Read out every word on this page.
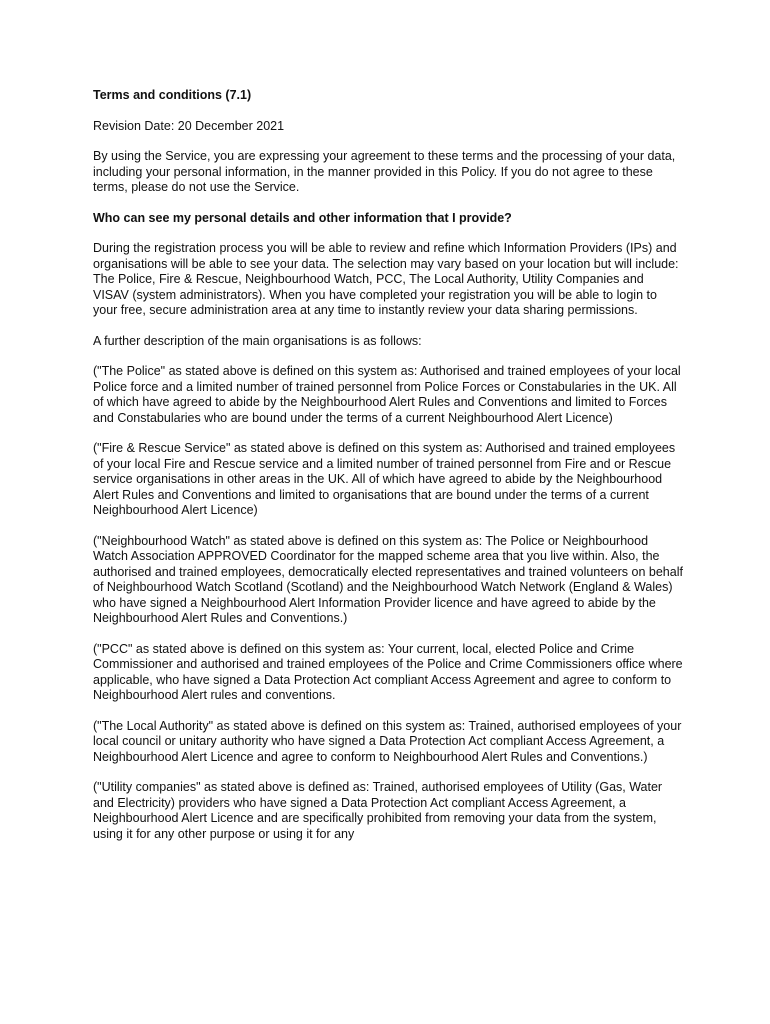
Terms and conditions (7.1)

Revision Date: 20 December 2021

By using the Service, you are expressing your agreement to these terms and the processing of your data, including your personal information, in the manner provided in this Policy. If you do not agree to these terms, please do not use the Service.

Who can see my personal details and other information that I provide?

During the registration process you will be able to review and refine which Information Providers (IPs) and organisations will be able to see your data. The selection may vary based on your location but will include: The Police, Fire & Rescue, Neighbourhood Watch, PCC, The Local Authority, Utility Companies and VISAV (system administrators). When you have completed your registration you will be able to login to your free, secure administration area at any time to instantly review your data sharing permissions.

A further description of the main organisations is as follows:

("The Police" as stated above is defined on this system as: Authorised and trained employees of your local Police force and a limited number of trained personnel from Police Forces or Constabularies in the UK. All of which have agreed to abide by the Neighbourhood Alert Rules and Conventions and limited to Forces and Constabularies who are bound under the terms of a current Neighbourhood Alert Licence)

("Fire & Rescue Service" as stated above is defined on this system as: Authorised and trained employees of your local Fire and Rescue service and a limited number of trained personnel from Fire and or Rescue service organisations in other areas in the UK. All of which have agreed to abide by the Neighbourhood Alert Rules and Conventions and limited to organisations that are bound under the terms of a current Neighbourhood Alert Licence)

("Neighbourhood Watch" as stated above is defined on this system as: The Police or Neighbourhood Watch Association APPROVED Coordinator for the mapped scheme area that you live within. Also, the authorised and trained employees, democratically elected representatives and trained volunteers on behalf of Neighbourhood Watch Scotland (Scotland) and the Neighbourhood Watch Network (England & Wales) who have signed a Neighbourhood Alert Information Provider licence and have agreed to abide by the Neighbourhood Alert Rules and Conventions.)

("PCC" as stated above is defined on this system as: Your current, local, elected Police and Crime Commissioner and authorised and trained employees of the Police and Crime Commissioners office where applicable, who have signed a Data Protection Act compliant Access Agreement and agree to conform to Neighbourhood Alert rules and conventions.

("The Local Authority" as stated above is defined on this system as: Trained, authorised employees of your local council or unitary authority who have signed a Data Protection Act compliant Access Agreement, a Neighbourhood Alert Licence and agree to conform to Neighbourhood Alert Rules and Conventions.)

("Utility companies" as stated above is defined as: Trained, authorised employees of Utility (Gas, Water and Electricity) providers who have signed a Data Protection Act compliant Access Agreement, a Neighbourhood Alert Licence and are specifically prohibited from removing your data from the system, using it for any other purpose or using it for any
